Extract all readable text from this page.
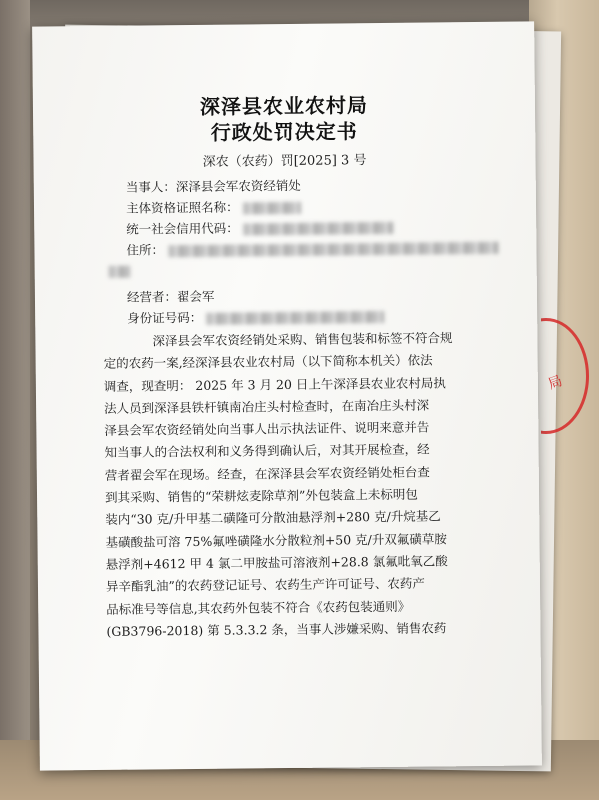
局
深泽县农业农村局
行政处罚决定书
深农（农药）罚[2025] 3 号
当事人：深泽县会军农资经销处
主体资格证照名称：
统一社会信用代码：
住所：
经营者：翟会军
身份证号码：
深泽县会军农资经销处采购、销售包装和标签不符合规
定的农药一案,经深泽县农业农村局（以下简称本机关）依法
调查，现查明： 2025 年 3 月 20 日上午深泽县农业农村局执
法人员到深泽县铁杆镇南冶庄头村检查时，在南冶庄头村深
泽县会军农资经销处向当事人出示执法证件、说明来意并告
知当事人的合法权利和义务得到确认后，对其开展检查，经
营者翟会军在现场。经查，在深泽县会军农资经销处柜台查
到其采购、销售的“荣耕炫麦除草剂”外包装盒上未标明包
装内“30 克/升甲基二磺隆可分散油悬浮剂+280 克/升烷基乙
基磺酸盐可溶 75%氟唑磺隆水分散粒剂+50 克/升双氟磺草胺
悬浮剂+4612 甲 4 氯二甲胺盐可溶液剂+28.8 氯氟吡氧乙酸
异辛酯乳油”的农药登记证号、农药生产许可证号、农药产
品标准号等信息,其农药外包装不符合《农药包装通则》
(GB3796-2018) 第 5.3.3.2 条，当事人涉嫌采购、销售农药
